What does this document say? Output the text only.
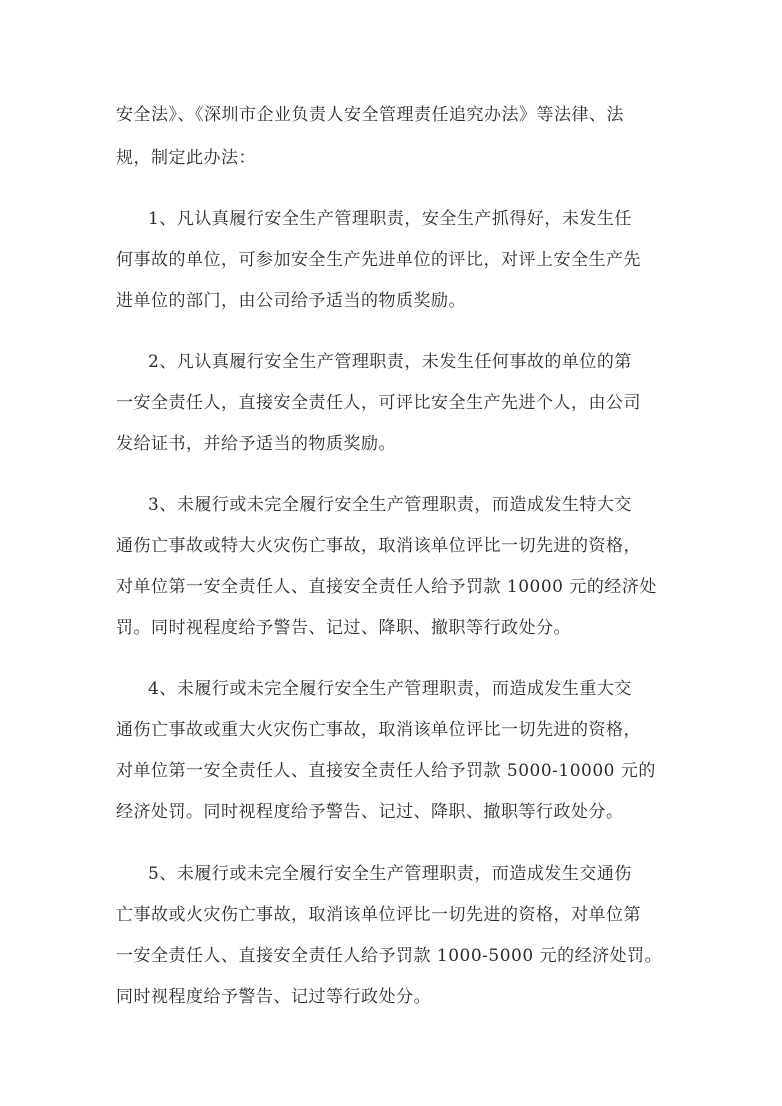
安全法》、《深圳市企业负责人安全管理责任追究办法》等法律、法

规，制定此办法：

1、凡认真履行安全生产管理职责，安全生产抓得好，未发生任

何事故的单位，可参加安全生产先进单位的评比，对评上安全生产先

进单位的部门，由公司给予适当的物质奖励。

2、凡认真履行安全生产管理职责，未发生任何事故的单位的第

一安全责任人，直接安全责任人，可评比安全生产先进个人，由公司

发给证书，并给予适当的物质奖励。

3、未履行或未完全履行安全生产管理职责，而造成发生特大交

通伤亡事故或特大火灾伤亡事故，取消该单位评比一切先进的资格，

对单位第一安全责任人、直接安全责任人给予罚款 10000 元的经济处

罚。同时视程度给予警告、记过、降职、撤职等行政处分。

4、未履行或未完全履行安全生产管理职责，而造成发生重大交

通伤亡事故或重大火灾伤亡事故，取消该单位评比一切先进的资格，

对单位第一安全责任人、直接安全责任人给予罚款 5000-10000 元的

经济处罚。同时视程度给予警告、记过、降职、撤职等行政处分。

5、未履行或未完全履行安全生产管理职责，而造成发生交通伤

亡事故或火灾伤亡事故，取消该单位评比一切先进的资格，对单位第

一安全责任人、直接安全责任人给予罚款 1000-5000 元的经济处罚。

同时视程度给予警告、记过等行政处分。
